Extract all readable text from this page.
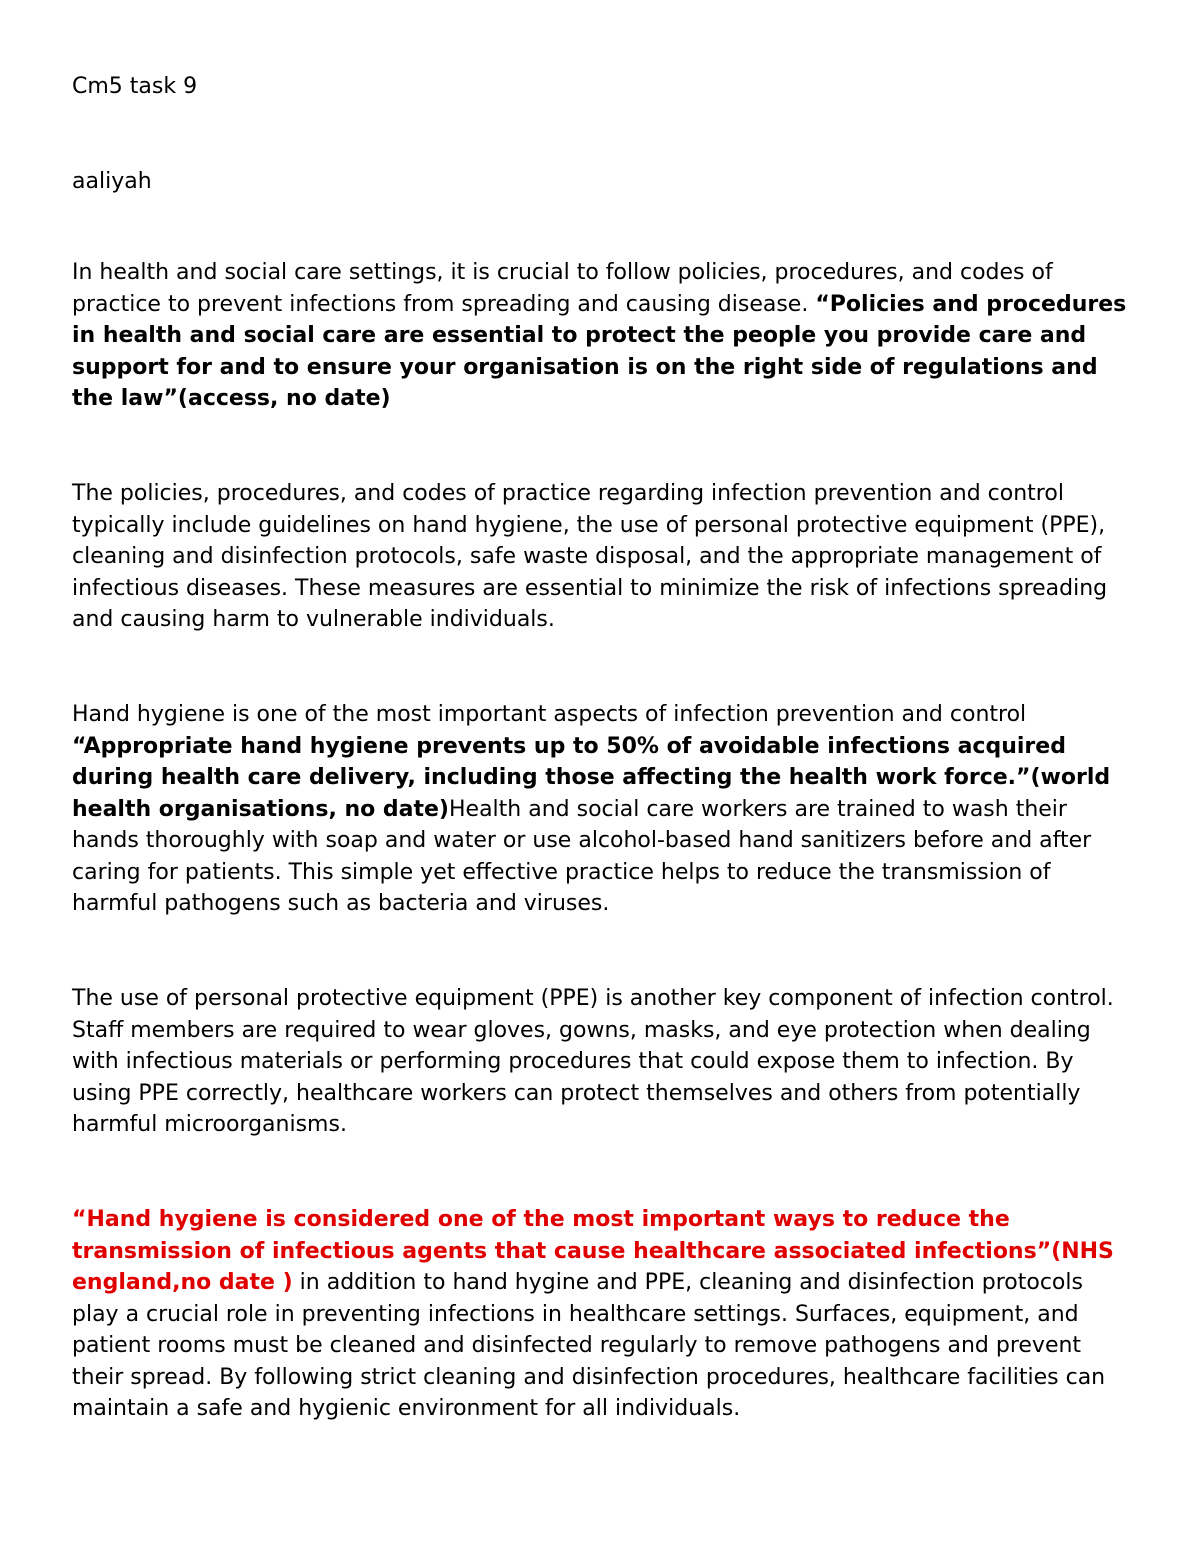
Cm5 task 9

aaliyah

In health and social care settings, it is crucial to follow policies, procedures, and codes of practice to prevent infections from spreading and causing disease. “Policies and procedures in health and social care are essential to protect the people you provide care and support for and to ensure your organisation is on the right side of regulations and the law”(access, no date)

The policies, procedures, and codes of practice regarding infection prevention and control typically include guidelines on hand hygiene, the use of personal protective equipment (PPE), cleaning and disinfection protocols, safe waste disposal, and the appropriate management of infectious diseases. These measures are essential to minimize the risk of infections spreading and causing harm to vulnerable individuals.

Hand hygiene is one of the most important aspects of infection prevention and control
“Appropriate hand hygiene prevents up to 50% of avoidable infections acquired during health care delivery, including those affecting the health work force.”(world health organisations, no date)Health and social care workers are trained to wash their hands thoroughly with soap and water or use alcohol-based hand sanitizers before and after caring for patients. This simple yet effective practice helps to reduce the transmission of harmful pathogens such as bacteria and viruses.

The use of personal protective equipment (PPE) is another key component of infection control. Staff members are required to wear gloves, gowns, masks, and eye protection when dealing with infectious materials or performing procedures that could expose them to infection. By using PPE correctly, healthcare workers can protect themselves and others from potentially harmful microorganisms.

“Hand hygiene is considered one of the most important ways to reduce the transmission of infectious agents that cause healthcare associated infections”(NHS england,no date ) in addition to hand hygine and PPE, cleaning and disinfection protocols play a crucial role in preventing infections in healthcare settings. Surfaces, equipment, and patient rooms must be cleaned and disinfected regularly to remove pathogens and prevent their spread. By following strict cleaning and disinfection procedures, healthcare facilities can maintain a safe and hygienic environment for all individuals.
